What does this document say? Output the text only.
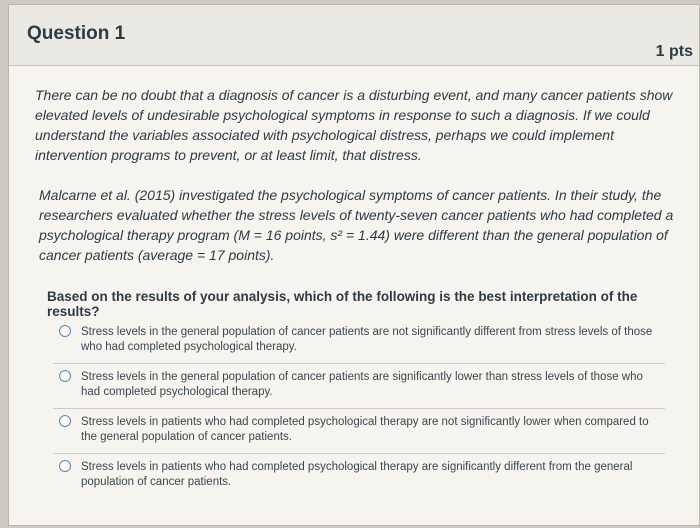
Question 1
1 pts
There can be no doubt that a diagnosis of cancer is a disturbing event, and many cancer patients show elevated levels of undesirable psychological symptoms in response to such a diagnosis. If we could understand the variables associated with psychological distress, perhaps we could implement intervention programs to prevent, or at least limit, that distress.
Malcarne et al. (2015) investigated the psychological symptoms of cancer patients. In their study, the researchers evaluated whether the stress levels of twenty-seven cancer patients who had completed a psychological therapy program (M = 16 points, s² = 1.44) were different than the general population of cancer patients (average = 17 points).
Based on the results of your analysis, which of the following is the best interpretation of the results?
Stress levels in the general population of cancer patients are not significantly different from stress levels of those who had completed psychological therapy.
Stress levels in the general population of cancer patients are significantly lower than stress levels of those who had completed psychological therapy.
Stress levels in patients who had completed psychological therapy are not significantly lower when compared to the general population of cancer patients.
Stress levels in patients who had completed psychological therapy are significantly different from the general population of cancer patients.
